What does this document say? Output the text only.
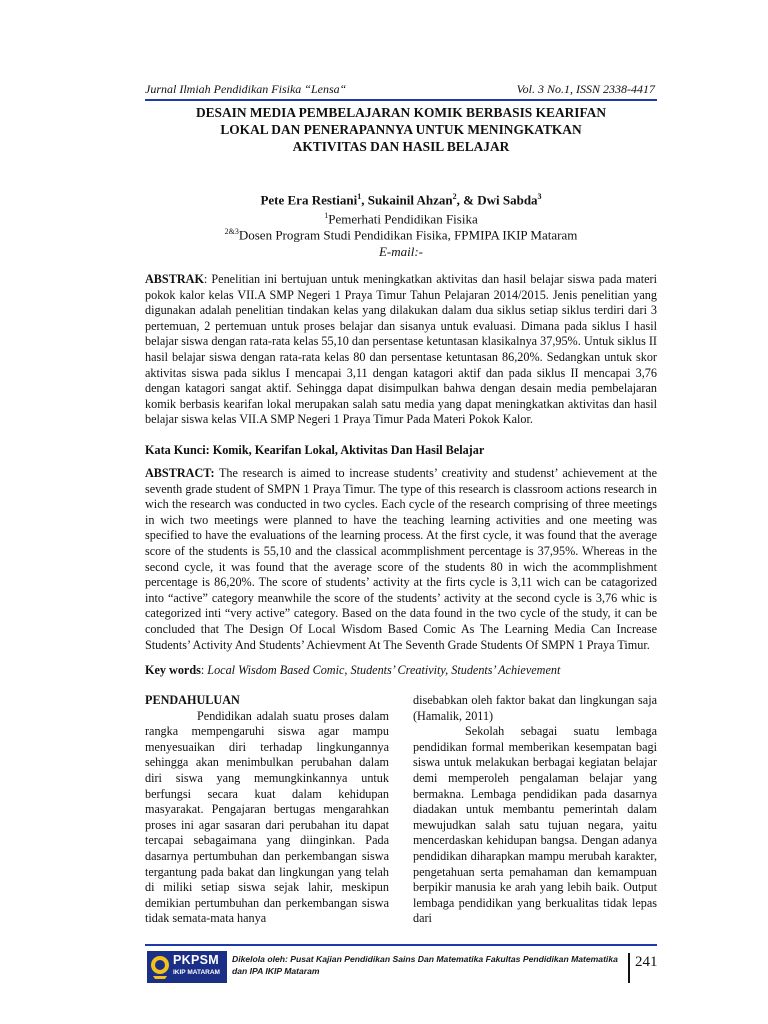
Jurnal Ilmiah Pendidikan Fisika “Lensa“	Vol. 3 No.1, ISSN 2338-4417
DESAIN MEDIA PEMBELAJARAN KOMIK BERBASIS KEARIFAN
LOKAL DAN PENERAPANNYA UNTUK MENINGKATKAN
AKTIVITAS DAN HASIL BELAJAR
Pete Era Restiani$^1$, Sukainil Ahzan$^2$, & Dwi Sabda$^3$
$^1$Pemerhati Pendidikan Fisika
$^{2\&3}$Dosen Program Studi Pendidikan Fisika, FPMIPA IKIP Mataram
E-mail:-
ABSTRAK: Penelitian ini bertujuan untuk meningkatkan aktivitas dan hasil belajar siswa pada materi pokok kalor kelas VII.A SMP Negeri 1 Praya Timur Tahun Pelajaran 2014/2015. Jenis penelitian yang digunakan adalah penelitian tindakan kelas yang dilakukan dalam dua siklus setiap siklus terdiri dari 3 pertemuan, 2 pertemuan untuk proses belajar dan sisanya untuk evaluasi. Dimana pada siklus I hasil belajar siswa dengan rata-rata kelas 55,10 dan persentase ketuntasan klasikalnya 37,95%. Untuk siklus II hasil belajar siswa dengan rata-rata kelas 80 dan persentase ketuntasan 86,20%. Sedangkan untuk skor aktivitas siswa pada siklus I mencapai 3,11 dengan katagori aktif dan pada siklus II mencapai 3,76 dengan katagori sangat aktif. Sehingga dapat disimpulkan bahwa dengan desain media pembelajaran komik berbasis kearifan lokal merupakan salah satu media yang dapat meningkatkan aktivitas dan hasil belajar siswa kelas VII.A SMP Negeri 1 Praya Timur Pada Materi Pokok Kalor.
Kata Kunci: Komik, Kearifan Lokal, Aktivitas Dan Hasil Belajar
ABSTRACT: The research is aimed to increase students’ creativity and studenst’ achievement at the seventh grade student of SMPN 1 Praya Timur. The type of this research is classroom actions research in wich the research was conducted in two cycles. Each cycle of the research comprising of three meetings in wich two meetings were planned to have the teaching learning activities and one meeting was specified to have the evaluations of the learning process. At the first cycle, it was found that the average score of the students is 55,10 and the classical acommplishment percentage is 37,95%. Whereas in the second cycle, it was found that the average score of the students 80 in wich the acommplishment percentage is 86,20%. The score of students’ activity at the firts cycle is 3,11 wich can be catagorized into “active” category meanwhile the score of the students’ activity at the second cycle is 3,76 whic is categorized inti “very active” category. Based on the data found in the two cycle of the study, it can be concluded that The Design Of Local Wisdom Based Comic As The Learning Media Can Increase Students’ Activity And Students’ Achievment At The Seventh Grade Students Of SMPN 1 Praya Timur.
Key words: Local Wisdom Based Comic, Students’ Creativity, Students’ Achievement

PENDAHULUAN

Pendidikan adalah suatu proses dalam rangka mempengaruhi siswa agar mampu menyesuaikan diri terhadap lingkungannya sehingga akan menimbulkan perubahan dalam diri siswa yang memungkinkannya untuk berfungsi secara kuat dalam kehidupan masyarakat. Pengajaran bertugas mengarahkan proses ini agar sasaran dari perubahan itu dapat tercapai sebagaimana yang diinginkan. Pada dasarnya pertumbuhan dan perkembangan siswa tergantung pada bakat dan lingkungan yang telah di miliki setiap siswa sejak lahir, meskipun demikian pertumbuhan dan perkembangan siswa tidak semata-mata hanya

disebabkan oleh faktor bakat dan lingkungan saja (Hamalik, 2011)

Sekolah sebagai suatu lembaga pendidikan formal memberikan kesempatan bagi siswa untuk melakukan berbagai kegiatan belajar demi memperoleh pengalaman belajar yang bermakna. Lembaga pendidikan pada dasarnya diadakan untuk membantu pemerintah dalam mewujudkan salah satu tujuan negara, yaitu mencerdaskan kehidupan bangsa. Dengan adanya pendidikan diharapkan mampu merubah karakter, pengetahuan serta pemahaman dan kemampuan berpikir manusia ke arah yang lebih baik. Output lembaga pendidikan yang berkualitas tidak lepas dari

PKPSM
IKIP MATARAM
Dikelola oleh: Pusat Kajian Pendidikan Sains Dan Matematika Fakultas Pendidikan Matematika dan IPA IKIP Mataram
241
